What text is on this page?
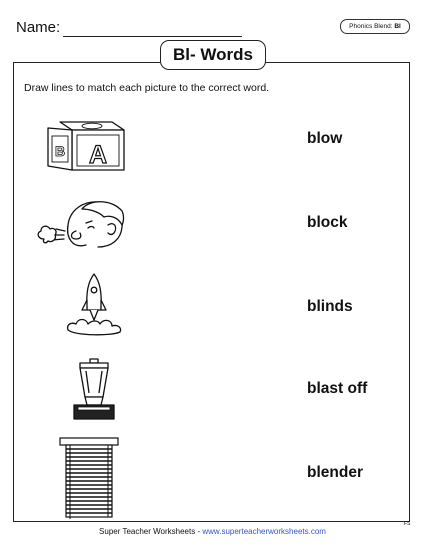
Name:	Phonics Blend: Bl
Bl- Words
Draw lines to match each picture to the correct word.
B A
blow
block
blinds
blast off
blender
Super Teacher Worksheets - www.superteacherworksheets.com
FS
